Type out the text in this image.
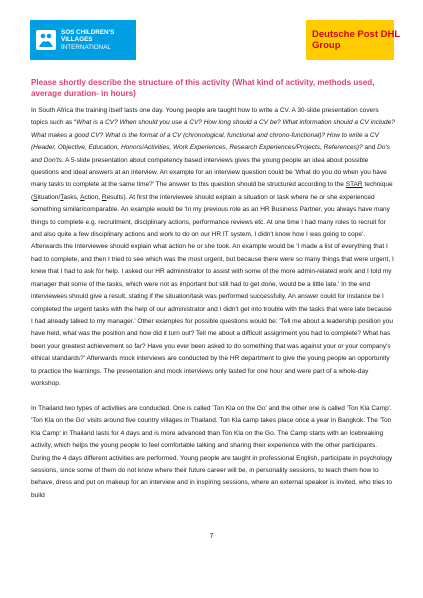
SOS CHILDREN'S
VILLAGES
INTERNATIONAL
Deutsche Post DHL
Group

Please shortly describe the structure of this activity (What kind of activity, methods used, average duration- in hours)

In South Africa the training itself lasts one day. Young people are taught how to write a CV. A 30-slide presentation covers topics such as “What is a CV? When should you use a CV? How long should a CV be? What information should a CV include? What makes a good CV? What is the format of a CV (chronological, functional and chrono-functional)? How to write a CV (Header, Objective, Education, Honors/Activities, Work Experiences, Research Experiences/Projects, References)? and Do's and Don'ts. A 5-slide presentation about competency based interviews gives the young people an idea about possible questions and ideal answers at an interview. An example for an interview question could be 'What do you do when you have many tasks to complete at the same time?' The answer to this question should be structured according to the STAR technique (Situation/Tasks, Action, Results). At first the interviewee should explain a situation or task where he or she experienced something similar/comparable. An example would be 'In my previous role as an HR Business Partner, you always have many things to complete e.g. recruitment, disciplinary actions, performance reviews etc. At one time I had many roles to recruit for and also quite a few disciplinary actions and work to do on our HR IT system. I didn't know how I was going to cope'. Afterwards the Interviewee should explain what action he or she took. An example would be 'I made a list of everything that I had to complete, and then I tried to see which was the most urgent, but because there were so many things that were urgent, I knew that I had to ask for help. I asked our HR administrator to assist with some of the more admin-related work and I told my manager that some of the tasks, which were not as important but still had to get done, would be a little late.' In the end interviewees should give a result, stating if the situation/task was performed successfully. An answer could for instance be I completed the urgent tasks with the help of our administrator and I didn't get into trouble with the tasks that were late because I had already talked to my manager.' Other examples for possible questions would be: 'Tell me about a leadership position you have held, what was the position and how did it turn out? Tell me about a difficult assignment you had to complete? What has been your greatest achievement so far? Have you ever been asked to do something that was against your or your company's ethical standards?' Afterwards mock interviews are conducted by the HR department to give the young people an opportunity to practice the learnings. The presentation and mock interviews only lasted for one hour and were part of a whole-day workshop.

In Thailand two types of activities are conducted. One is called 'Ton Kla on the Go' and the other one is called 'Ton Kla Camp'. 'Ton Kla on the Go' visits around five country villages in Thailand. Ton Kla camp takes place once a year in Bangkok. The 'Ton Kla Camp' in Thailand lasts for 4 days and is more advanced than Ton Kla on the Go. The Camp starts with an Icebreaking activity, which helps the young people to feel comfortable talking and sharing their experience with the other participants. During the 4 days different activities are performed. Young people are taught in professional English, participate in psychology sessions, since some of them do not know where their future career will be, in personality sessions, to teach them how to behave, dress and put on makeup for an interview and in inspiring sessions, where an external speaker is invited, who tries to build

7
